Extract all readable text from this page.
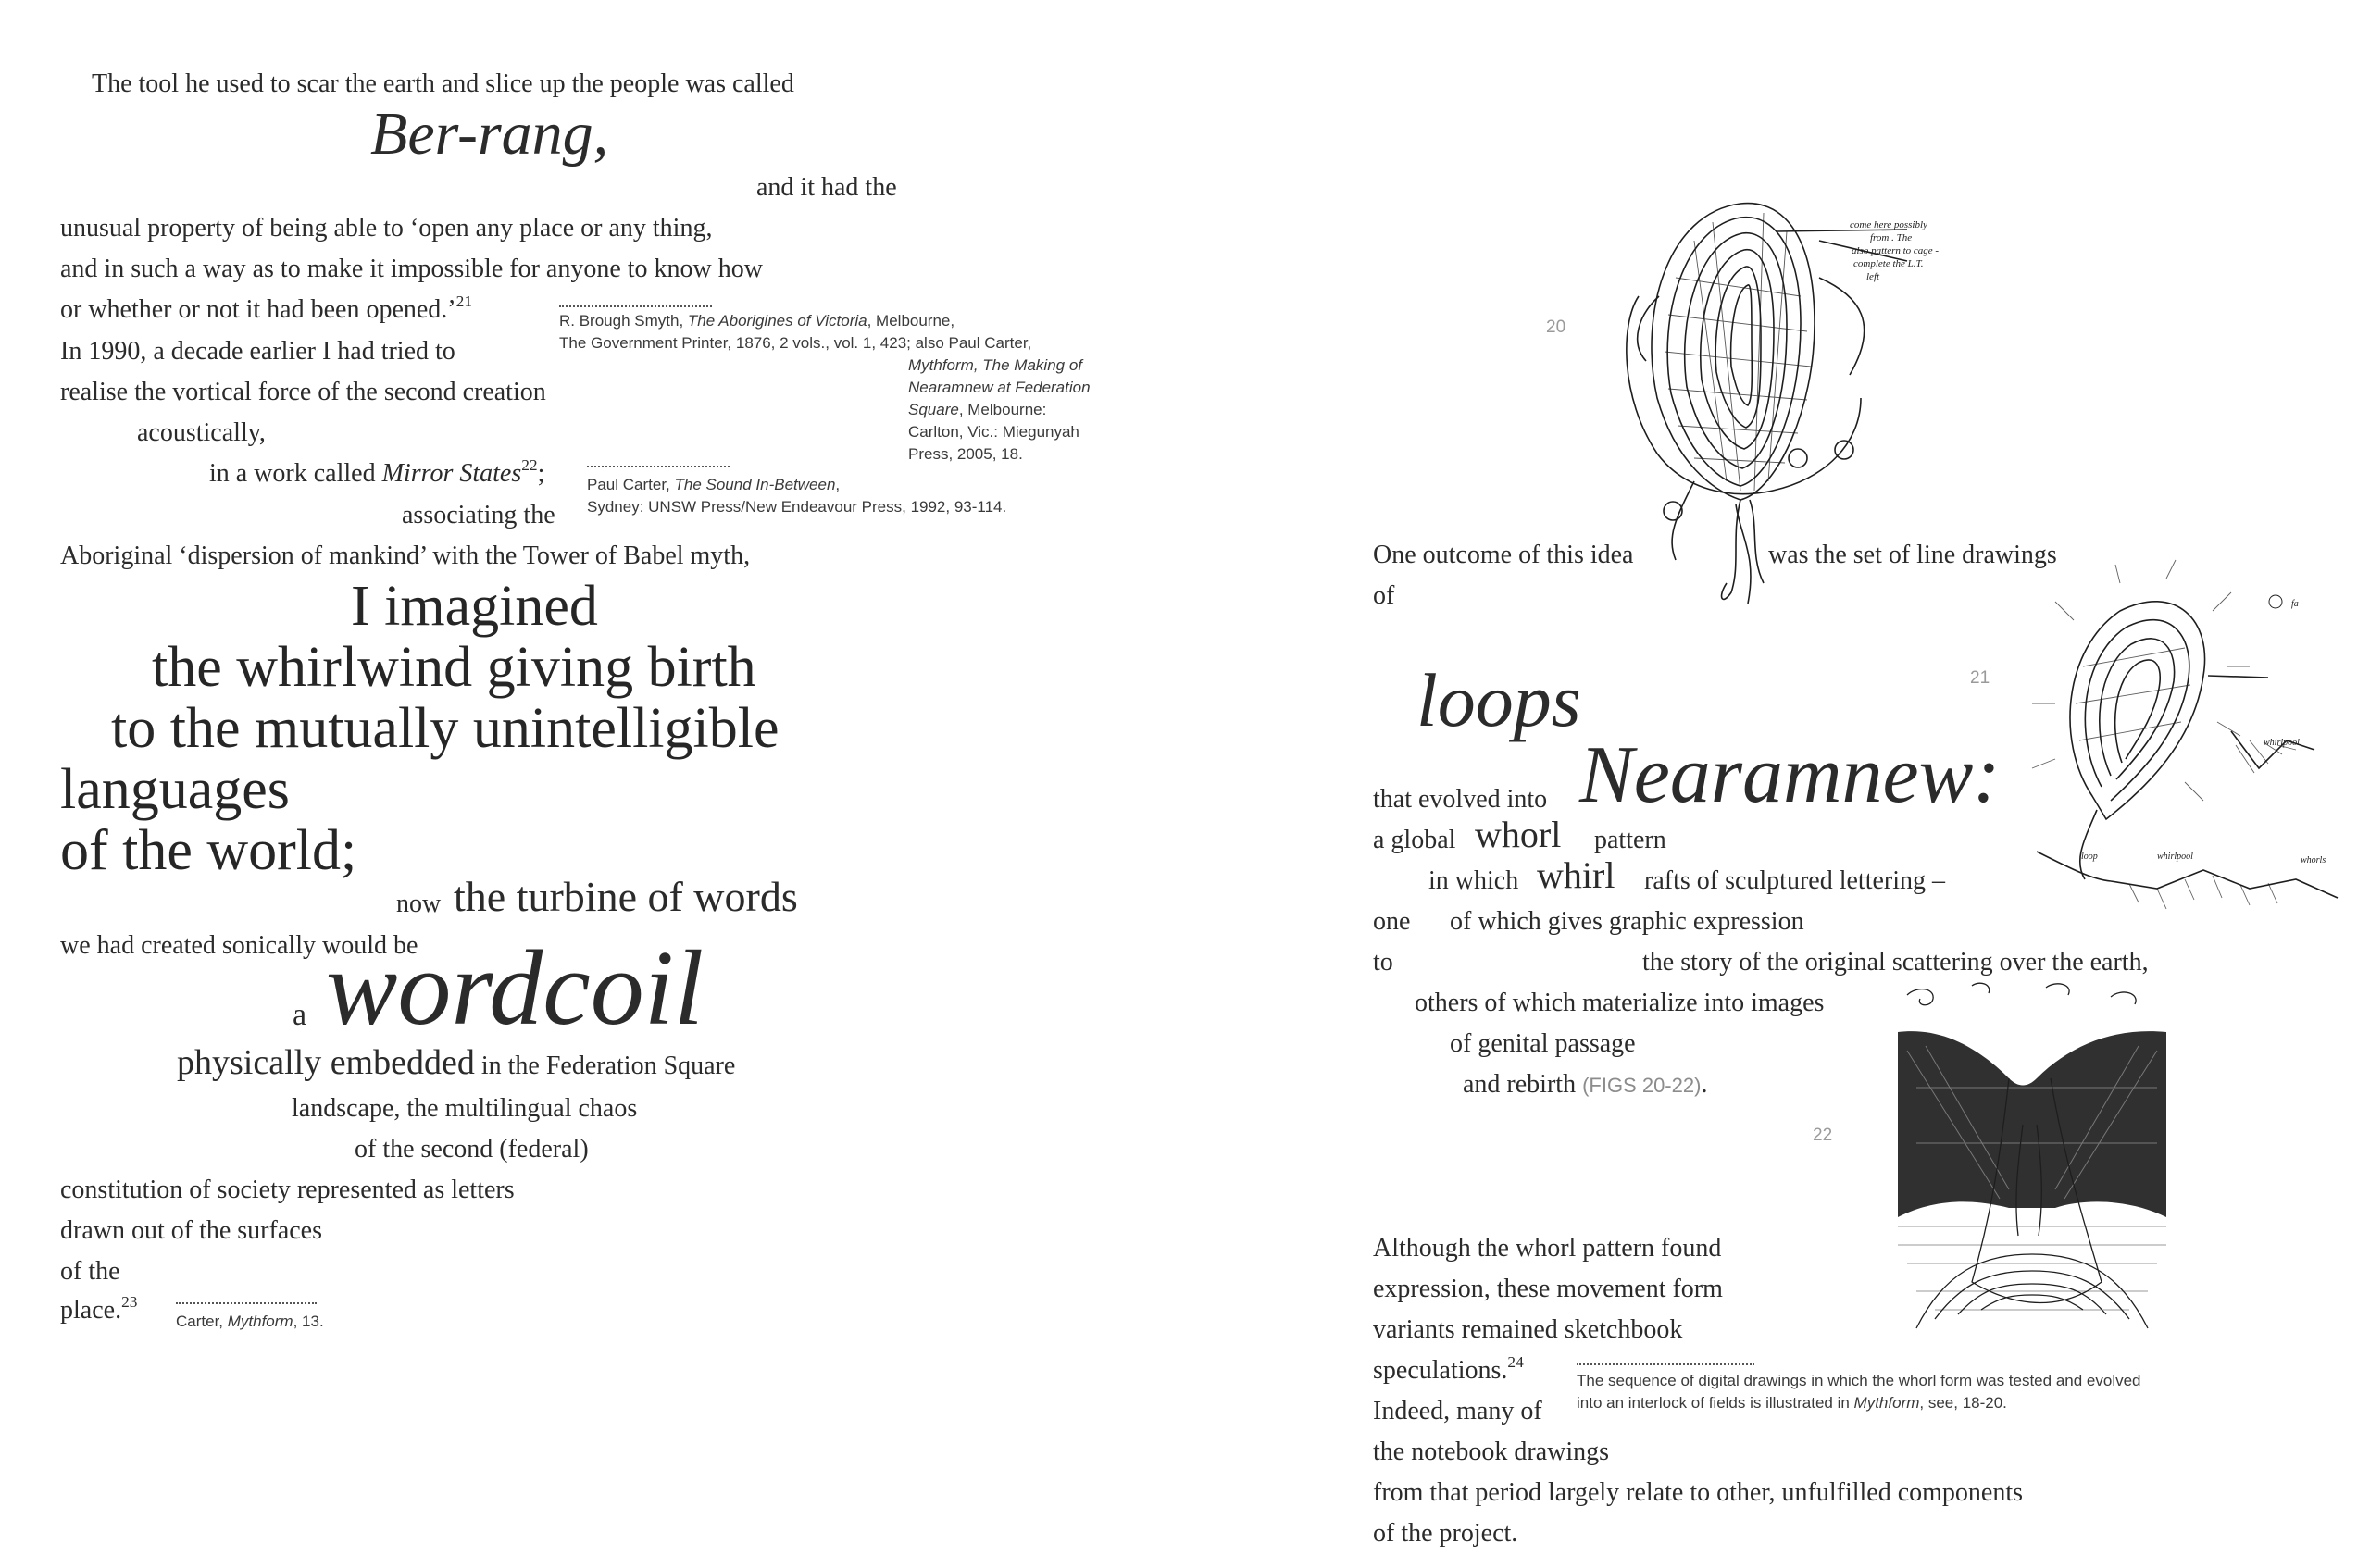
The tool he used to scar the earth and slice up the people was called
Ber-rang,
and it had the
unusual property of being able to ‘open any place or any thing,
and in such a way as to make it impossible for anyone to know how
or whether or not it had been opened.’$^{21}$
In 1990, a decade earlier I had tried to
realise the vortical force of the second creation
acoustically,
in a work called Mirror States$^{22}$;
associating the
Aboriginal ‘dispersion of mankind’ with the Tower of Babel myth,
I imagined
the whirlwind giving birth
to the mutually unintelligible
languages
of the world;
now the turbine of words
we had created sonically would be
a wordcoil
physically embedded in the Federation Square
landscape, the multilingual chaos
of the second (federal)
constitution of society represented as letters
drawn out of the surfaces
of the
place.$^{23}$
R. Brough Smyth, The Aborigines of Victoria, Melbourne,
The Government Printer, 1876, 2 vols., vol. 1, 423; also Paul Carter,
Mythform, The Making of
Nearamnew at Federation
Square, Melbourne:
Carlton, Vic.: Miegunyah
Press, 2005, 18.
Paul Carter, The Sound In-Between,
Sydney: UNSW Press/New Endeavour Press, 1992, 93-114.
Carter, Mythform, 13.
20
21
22
come here possibly
from . The
also pattern to cage -
complete the L.T.
left
fa
whirlpool
whorls
whirlpool
loop
One outcome of this idea	was the set of line drawings
of
loops
that evolved into Nearamnew:
a global whorl pattern
in which whirl rafts of sculptured lettering –
one of which gives graphic expression
to	the story of the original scattering over the earth,
others of which materialize into images
of genital passage
and rebirth (FIGS 20-22).
Although the whorl pattern found
expression, these movement form
variants remained sketchbook
speculations.$^{24}$
Indeed, many of
the notebook drawings
from that period largely relate to other, unfulfilled components
of the project.
The sequence of digital drawings in which the whorl form was tested and evolved
into an interlock of fields is illustrated in Mythform, see, 18-20.
